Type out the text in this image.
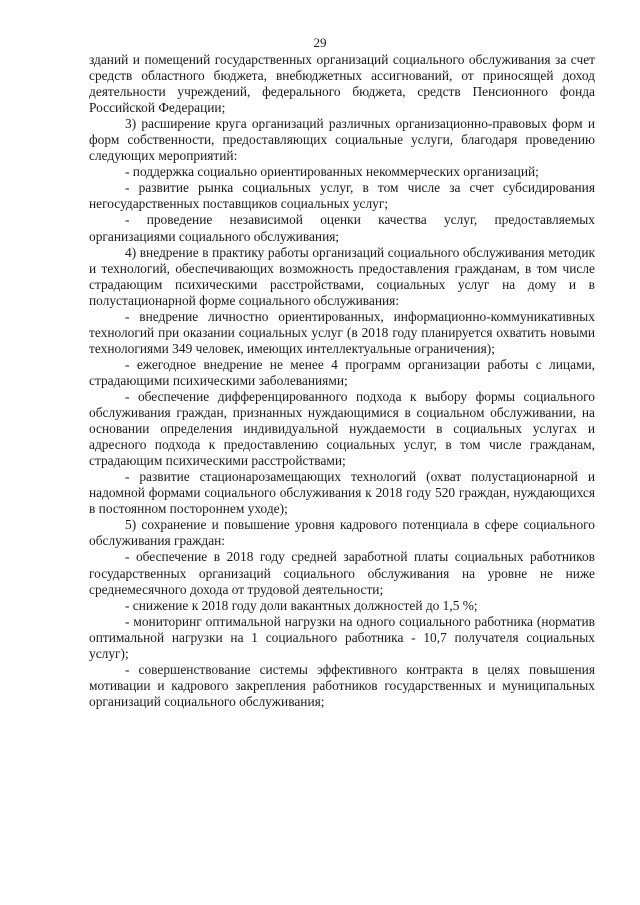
29

зданий и помещений государственных организаций социального обслуживания за счет средств областного бюджета, внебюджетных ассигнований, от приносящей доход деятельности учреждений, федерального бюджета, средств Пенсионного фонда Российской Федерации;

3) расширение круга организаций различных организационно-правовых форм и форм собственности, предоставляющих социальные услуги, благодаря проведению следующих мероприятий:

- поддержка социально ориентированных некоммерческих организаций;

- развитие рынка социальных услуг, в том числе за счет субсидирования негосударственных поставщиков социальных услуг;

- проведение независимой оценки качества услуг, предоставляемых организациями социального обслуживания;

4) внедрение в практику работы организаций социального обслуживания методик и технологий, обеспечивающих возможность предоставления гражданам, в том числе страдающим психическими расстройствами, социальных услуг на дому и в полустационарной форме социального обслуживания:

- внедрение личностно ориентированных, информационно-коммуникативных технологий при оказании социальных услуг (в 2018 году планируется охватить новыми технологиями 349 человек, имеющих интеллектуальные ограничения);

- ежегодное внедрение не менее 4 программ организации работы с лицами, страдающими психическими заболеваниями;

- обеспечение дифференцированного подхода к выбору формы социального обслуживания граждан, признанных нуждающимися в социальном обслуживании, на основании определения индивидуальной нуждаемости в социальных услугах и адресного подхода к предоставлению социальных услуг, в том числе гражданам, страдающим психическими расстройствами;

- развитие стационарозамещающих технологий (охват полустационарной и надомной формами социального обслуживания к 2018 году 520 граждан, нуждающихся в постоянном постороннем уходе);

5) сохранение и повышение уровня кадрового потенциала в сфере социального обслуживания граждан:

- обеспечение в 2018 году средней заработной платы социальных работников государственных организаций социального обслуживания на уровне не ниже среднемесячного дохода от трудовой деятельности;

- снижение к 2018 году доли вакантных должностей до 1,5 %;

- мониторинг оптимальной нагрузки на одного социального работника (норматив оптимальной нагрузки на 1 социального работника - 10,7 получателя социальных услуг);

- совершенствование системы эффективного контракта в целях повышения мотивации и кадрового закрепления работников государственных и муниципальных организаций социального обслуживания;
